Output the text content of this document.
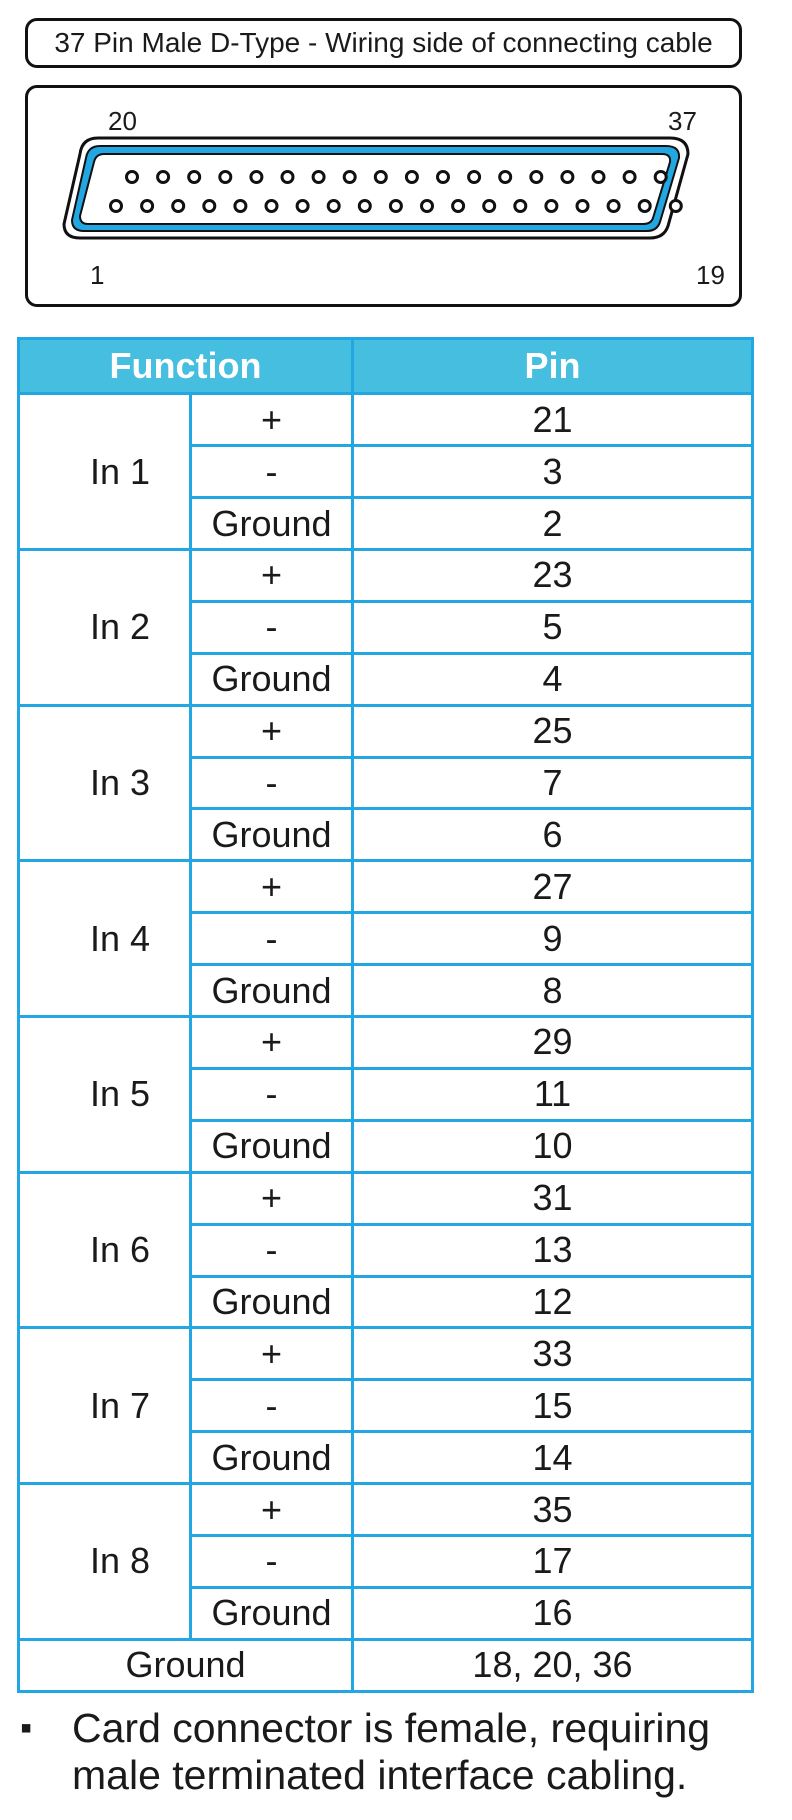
37 Pin Male D-Type - Wiring side of connecting cable
20	37
1	19
Function		Pin
In 1	+	21
	-	3
	Ground	2
In 2	+	23
	-	5
	Ground	4
In 3	+	25
	-	7
	Ground	6
In 4	+	27
	-	9
	Ground	8
In 5	+	29
	-	11
	Ground	10
In 6	+	31
	-	13
	Ground	12
In 7	+	33
	-	15
	Ground	14
In 8	+	35
	-	17
	Ground	16
Ground		18, 20, 36
▪ Card connector is female, requiring male terminated interface cabling.
